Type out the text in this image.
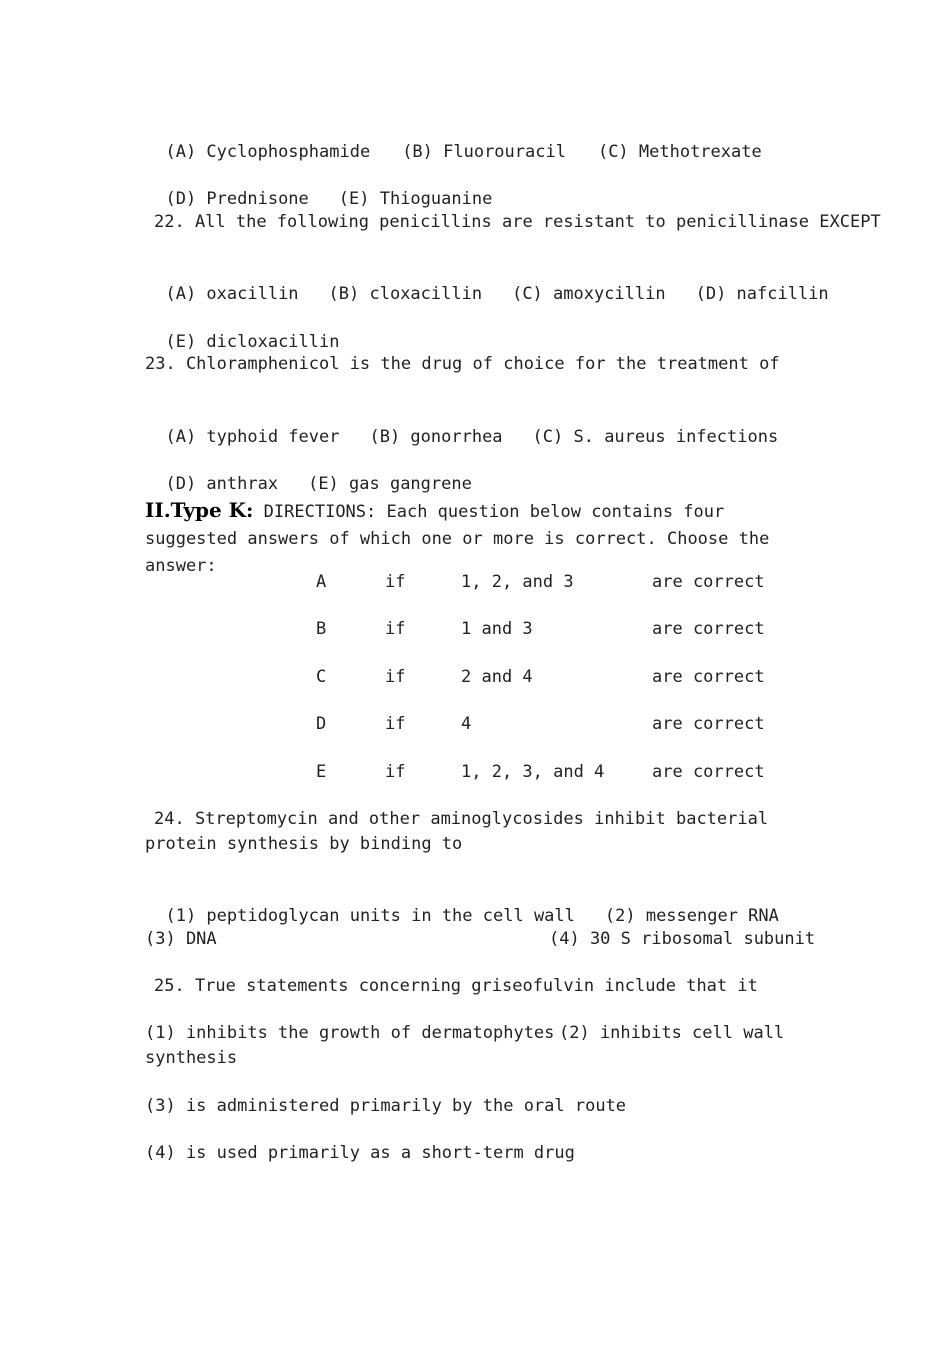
(A) Cyclophosphamide (B) Fluorouracil (C) Methotrexate

(D) Prednisone (E) Thioguanine

22. All the following penicillins are resistant to penicillinase EXCEPT

(A) oxacillin (B) cloxacillin (C) amoxycillin (D) nafcillin

(E) dicloxacillin

23. Chloramphenicol is the drug of choice for the treatment of

(A) typhoid fever (B) gonorrhea (C) S. aureus infections

(D) anthrax (E) gas gangrene

II.Type K: DIRECTIONS: Each question below contains four suggested answers of which one or more is correct. Choose the answer:
A	if	1, 2, and 3	are correct
B	if	1 and 3	are correct
C	if	2 and 4	are correct
D	if	4	are correct
E	if	1, 2, 3, and 4	are correct
24. Streptomycin and other aminoglycosides inhibit bacterial protein synthesis by binding to

(1) peptidoglycan units in the cell wall (2) messenger RNA

(3) DNA	(4) 30 S ribosomal subunit
25. True statements concerning griseofulvin include that it
(1) inhibits the growth of dermatophytes (2) inhibits cell wall
synthesis
(3) is administered primarily by the oral route
(4) is used primarily as a short-term drug
